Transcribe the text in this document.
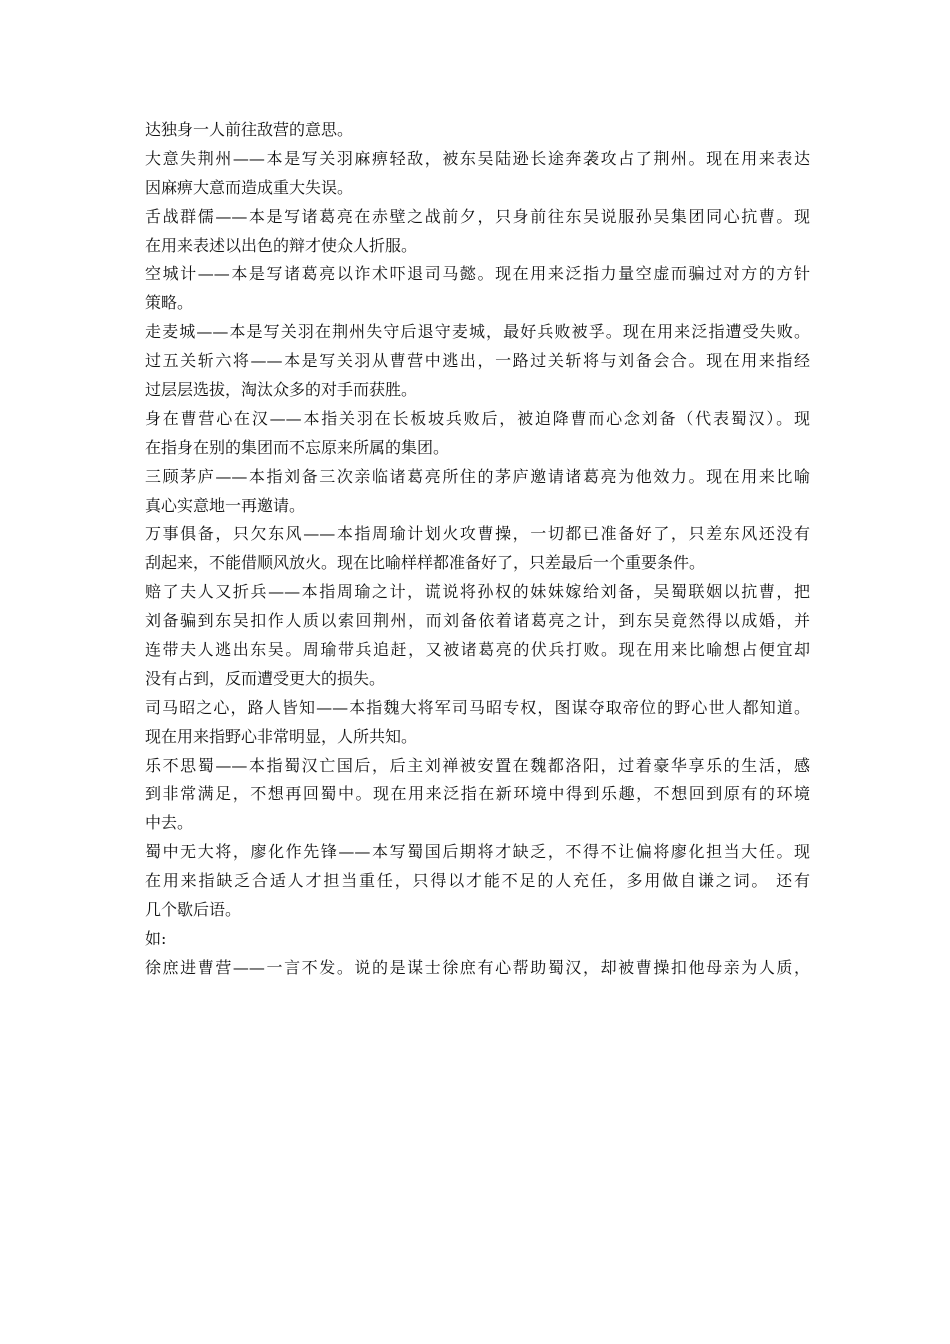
达独身一人前往敌营的意思。
大意失荆州——本是写关羽麻痹轻敌，被东吴陆逊长途奔袭攻占了荆州。现在用来表达
因麻痹大意而造成重大失误。
舌战群儒——本是写诸葛亮在赤壁之战前夕，只身前往东吴说服孙吴集团同心抗曹。现
在用来表述以出色的辩才使众人折服。
空城计——本是写诸葛亮以诈术吓退司马懿。现在用来泛指力量空虚而骗过对方的方针
策略。
走麦城——本是写关羽在荆州失守后退守麦城，最好兵败被孚。现在用来泛指遭受失败。
过五关斩六将——本是写关羽从曹营中逃出，一路过关斩将与刘备会合。现在用来指经
过层层选拔，淘汰众多的对手而获胜。
身在曹营心在汉——本指关羽在长板坡兵败后，被迫降曹而心念刘备（代表蜀汉）。现
在指身在别的集团而不忘原来所属的集团。
三顾茅庐——本指刘备三次亲临诸葛亮所住的茅庐邀请诸葛亮为他效力。现在用来比喻
真心实意地一再邀请。
万事俱备，只欠东风——本指周瑜计划火攻曹操，一切都已准备好了，只差东风还没有
刮起来，不能借顺风放火。现在比喻样样都准备好了，只差最后一个重要条件。
赔了夫人又折兵——本指周瑜之计，谎说将孙权的妹妹嫁给刘备，吴蜀联姻以抗曹，把
刘备骗到东吴扣作人质以索回荆州，而刘备依着诸葛亮之计，到东吴竟然得以成婚，并
连带夫人逃出东吴。周瑜带兵追赶，又被诸葛亮的伏兵打败。现在用来比喻想占便宜却
没有占到，反而遭受更大的损失。
司马昭之心，路人皆知——本指魏大将军司马昭专权，图谋夺取帝位的野心世人都知道。
现在用来指野心非常明显，人所共知。
乐不思蜀——本指蜀汉亡国后，后主刘禅被安置在魏都洛阳，过着豪华享乐的生活，感
到非常满足，不想再回蜀中。现在用来泛指在新环境中得到乐趣，不想回到原有的环境
中去。
蜀中无大将，廖化作先锋——本写蜀国后期将才缺乏，不得不让偏将廖化担当大任。现
在用来指缺乏合适人才担当重任，只得以才能不足的人充任，多用做自谦之词。 还有
几个歇后语。
如:
徐庶进曹营——一言不发。说的是谋士徐庶有心帮助蜀汉，却被曹操扣他母亲为人质，
